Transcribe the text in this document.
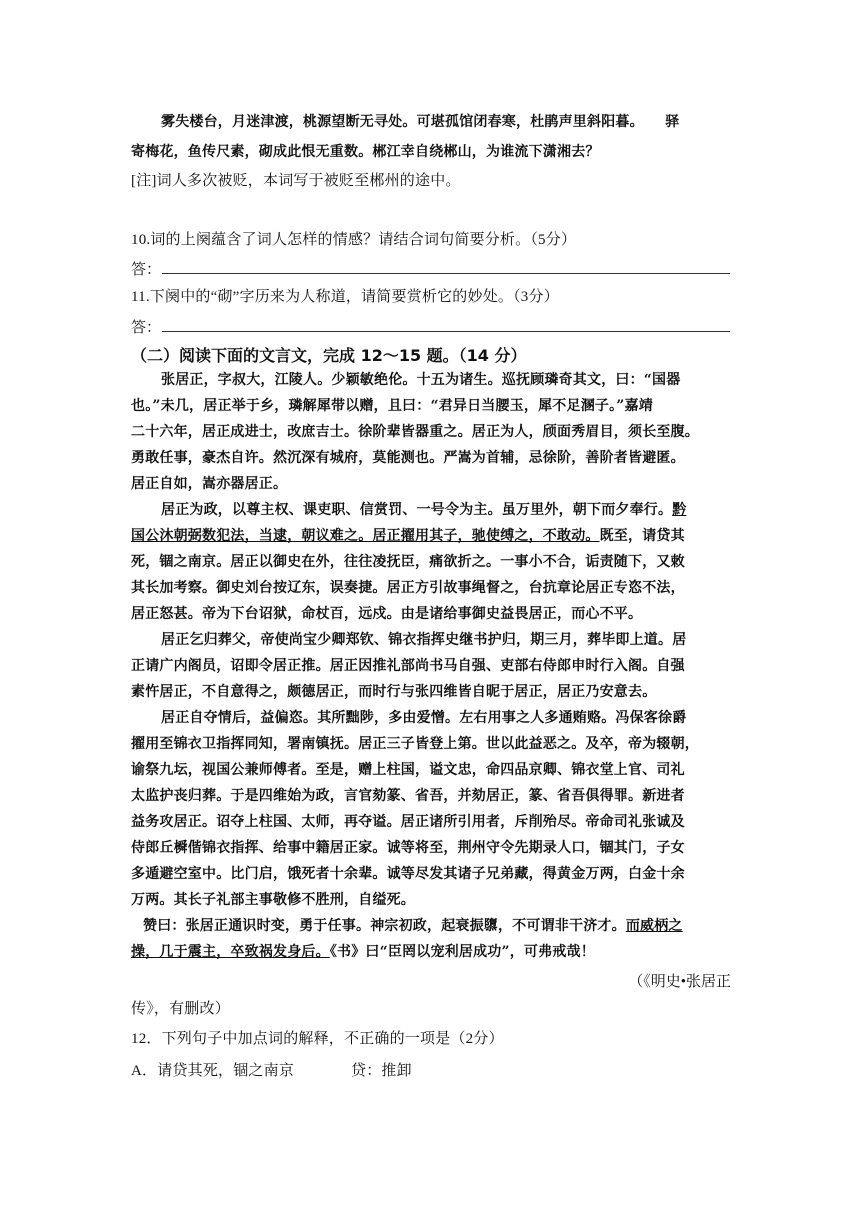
雾失楼台，月迷津渡，桃源望断无寻处。可堪孤馆闭春寒，杜鹃声里斜阳暮。　　驿
寄梅花，鱼传尺素，砌成此恨无重数。郴江幸自绕郴山，为谁流下潇湘去？
[注]词人多次被贬，本词写于被贬至郴州的途中。
10.词的上阕蕴含了词人怎样的情感？请结合词句简要分析。（5分）
答：
11.下阕中的“砌”字历来为人称道，请简要赏析它的妙处。（3分）
答：
（二）阅读下面的文言文，完成 12～15 题。（14 分）
张居正，字叔大，江陵人。少颖敏绝伦。十五为诸生。巡抚顾璘奇其文，曰：“国器
也。”未几，居正举于乡，璘解犀带以赠，且曰：“君异日当腰玉，犀不足溷子。”嘉靖
二十六年，居正成进士，改庶吉士。徐阶辈皆器重之。居正为人，颀面秀眉目，须长至腹。
勇敢任事，豪杰自许。然沉深有城府，莫能测也。严嵩为首辅，忌徐阶，善阶者皆避匿。
居正自如，嵩亦器居正。
居正为政，以尊主权、课吏职、信赏罚、一号令为主。虽万里外，朝下而夕奉行。黔
国公沐朝弼数犯法，当逮，朝议难之。居正擢用其子，驰使缚之，不敢动。既至，请贷其
死，锢之南京。居正以御史在外，往往凌抚臣，痛欲折之。一事小不合，诟责随下，又敕
其长加考察。御史刘台按辽东，误奏捷。居正方引故事绳督之，台抗章论居正专恣不法，
居正怒甚。帝为下台诏狱，命杖百，远戍。由是诸给事御史益畏居正，而心不平。
居正乞归葬父，帝使尚宝少卿郑钦、锦衣指挥史继书护归，期三月，葬毕即上道。居
正请广内阁员，诏即令居正推。居正因推礼部尚书马自强、吏部右侍郎申时行入阁。自强
素忤居正，不自意得之，颇德居正，而时行与张四维皆自昵于居正，居正乃安意去。
居正自夺情后，益偏恣。其所黜陟，多由爱憎。左右用事之人多通贿赂。冯保客徐爵
擢用至锦衣卫指挥同知，署南镇抚。居正三子皆登上第。世以此益恶之。及卒，帝为辍朝，
谕祭九坛，视国公兼师傅者。至是，赠上柱国，谥文忠，命四品京卿、锦衣堂上官、司礼
太监护丧归葬。于是四维始为政，言官劾篆、省吾，并劾居正，篆、省吾俱得罪。新进者
益务攻居正。诏夺上柱国、太师，再夺谥。居正诸所引用者，斥削殆尽。帝命司礼张诚及
侍郎丘橓偕锦衣指挥、给事中籍居正家。诚等将至，荆州守令先期录人口，锢其门，子女
多遁避空室中。比门启，饿死者十余辈。诚等尽发其诸子兄弟藏，得黄金万两，白金十余
万两。其长子礼部主事敬修不胜刑，自缢死。
赞曰：张居正通识时变，勇于任事。神宗初政，起衰振隳，不可谓非干济才。而威柄之
操，几于震主，卒致祸发身后。《书》曰“臣罔以宠利居成功”，可弗戒哉！
（《明史•张居正
传》，有删改）
12．下列句子中加点词的解释，不正确的一项是（2分）
A．请贷其死，锢之南京	贷：推卸
